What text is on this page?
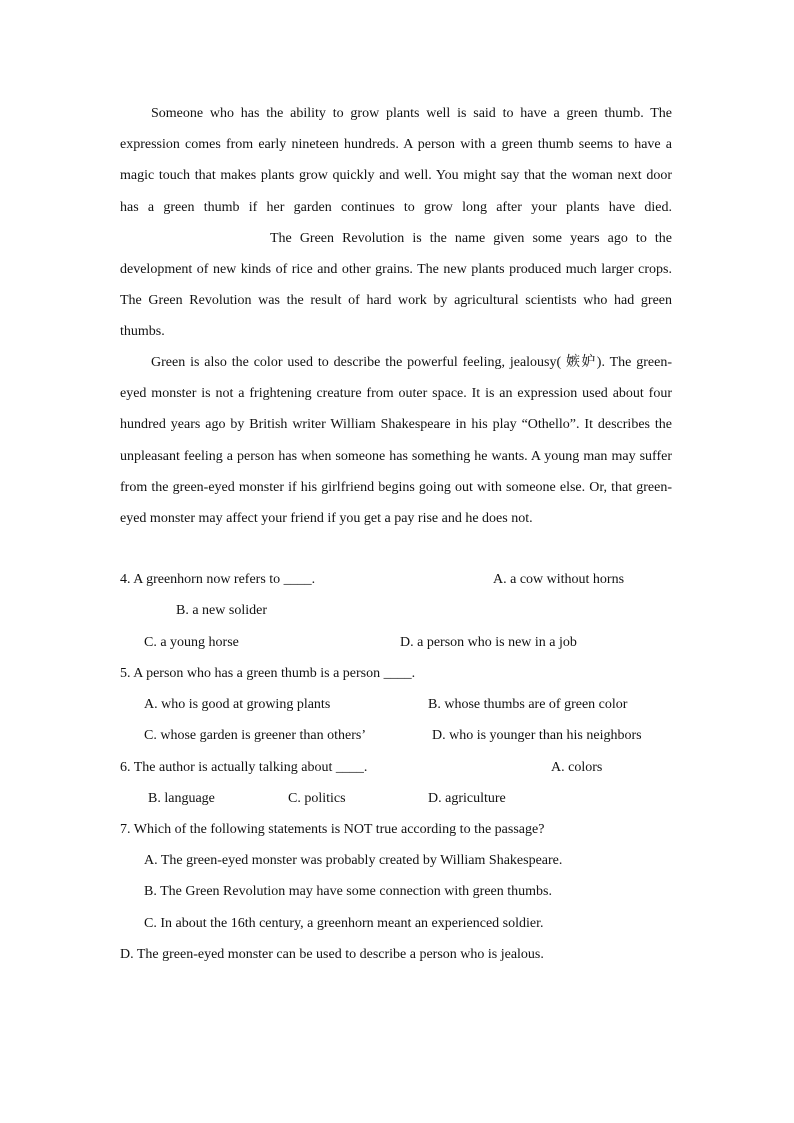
Someone who has the ability to grow plants well is said to have a green thumb. The expression comes from early nineteen hundreds. A person with a green thumb seems to have a magic touch that makes plants grow quickly and well. You might say that the woman next door has a green thumb if her garden continues to grow long after your plants have died.The Green Revolution is the name given some years ago to the development of new kinds of rice and other grains. The new plants produced much larger crops. The Green Revolution was the result of hard work by agricultural scientists who had green thumbs.

Green is also the color used to describe the powerful feeling, jealousy( 嫉妒). The green-eyed monster is not a frightening creature from outer space. It is an expression used about four hundred years ago by British writer William Shakespeare in his play “Othello”. It describes the unpleasant feeling a person has when someone has something he wants. A young man may suffer from the green-eyed monster if his girlfriend begins going out with someone else. Or, that green-eyed monster may affect your friend if you get a pay rise and he does not.

4. A greenhorn now refers to ____.	A. a cow without horns
B. a new solider
C. a young horse	D. a person who is new in a job
5. A person who has a green thumb is a person ____.
A. who is good at growing plants	B. whose thumbs are of green color
C. whose garden is greener than others’	D. who is younger than his neighbors
6. The author is actually talking about ____.	A. colors
B. language	C. politics	D. agriculture
7. Which of the following statements is NOT true according to the passage?
A. The green-eyed monster was probably created by William Shakespeare.
B. The Green Revolution may have some connection with green thumbs.
C. In about the 16th century, a greenhorn meant an experienced soldier.

D. The green-eyed monster can be used to describe a person who is jealous.
